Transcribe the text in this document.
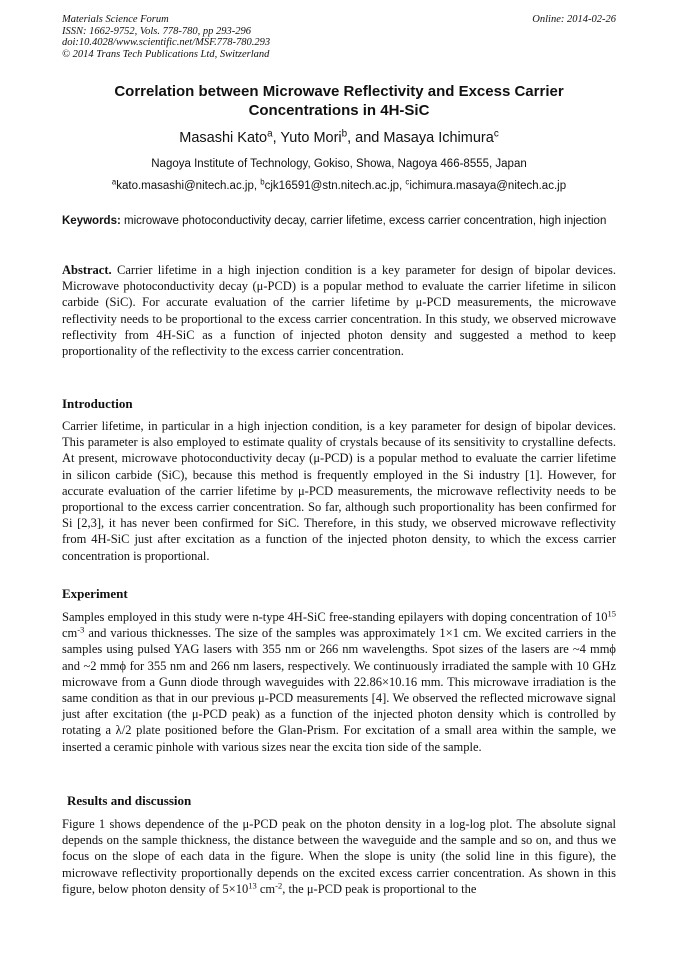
Materials Science Forum
ISSN: 1662-9752, Vols. 778-780, pp 293-296
doi:10.4028/www.scientific.net/MSF.778-780.293
© 2014 Trans Tech Publications Ltd, Switzerland
Online: 2014-02-26
Correlation between Microwave Reflectivity and Excess Carrier
Concentrations in 4H-SiC
Masashi Kato$^a$, Yuto Mori$^b$, and Masaya Ichimura$^c$
Nagoya Institute of Technology, Gokiso, Showa, Nagoya 466-8555, Japan
$^a$kato.masashi@nitech.ac.jp, $^b$cjk16591@stn.nitech.ac.jp, $^c$ichimura.masaya@nitech.ac.jp
Keywords: microwave photoconductivity decay, carrier lifetime, excess carrier concentration, high injection
Abstract. Carrier lifetime in a high injection condition is a key parameter for design of bipolar devices. Microwave photoconductivity decay (μ-PCD) is a popular method to evaluate the carrier lifetime in silicon carbide (SiC). For accurate evaluation of the carrier lifetime by μ-PCD measurements, the microwave reflectivity needs to be proportional to the excess carrier concentration. In this study, we observed microwave reflectivity from 4H-SiC as a function of injected photon density and suggested a method to keep proportionality of the reflectivity to the excess carrier concentration.
Introduction
Carrier lifetime, in particular in a high injection condition, is a key parameter for design of bipolar devices. This parameter is also employed to estimate quality of crystals because of its sensitivity to crystalline defects. At present, microwave photoconductivity decay (μ-PCD) is a popular method to evaluate the carrier lifetime in silicon carbide (SiC), because this method is frequently employed in the Si industry [1]. However, for accurate evaluation of the carrier lifetime by μ-PCD measurements, the microwave reflectivity needs to be proportional to the excess carrier concentration. So far, although such proportionality has been confirmed for Si [2,3], it has never been confirmed for SiC. Therefore, in this study, we observed microwave reflectivity from 4H-SiC just after excitation as a function of the injected photon density, to which the excess carrier concentration is proportional.
Experiment
Samples employed in this study were n-type 4H-SiC free-standing epilayers with doping concentration of $10^{15}$ $cm^{-3}$ and various thicknesses. The size of the samples was approximately 1×1 cm. We excited carriers in the samples using pulsed YAG lasers with 355 nm or 266 nm wavelengths. Spot sizes of the lasers are ~4 mmϕ and ~2 mmϕ for 355 nm and 266 nm lasers, respectively. We continuously irradiated the sample with 10 GHz microwave from a Gunn diode through waveguides with 22.86×10.16 mm. This microwave irradiation is the same condition as that in our previous μ-PCD measurements [4]. We observed the reflected microwave signal just after excitation (the μ-PCD peak) as a function of the injected photon density which is controlled by rotating a λ/2 plate positioned before the Glan-Prism. For excitation of a small area within the sample, we inserted a ceramic pinhole with various sizes near the excita tion side of the sample.
Results and discussion
Figure 1 shows dependence of the μ-PCD peak on the photon density in a log-log plot. The absolute signal depends on the sample thickness, the distance between the waveguide and the sample and so on, and thus we focus on the slope of each data in the figure. When the slope is unity (the solid line in this figure), the microwave reflectivity proportionally depends on the excited excess carrier concentration. As shown in this figure, below photon density of $5\times 10^{13}$ $cm^{-2}$, the μ-PCD peak is proportional to the
